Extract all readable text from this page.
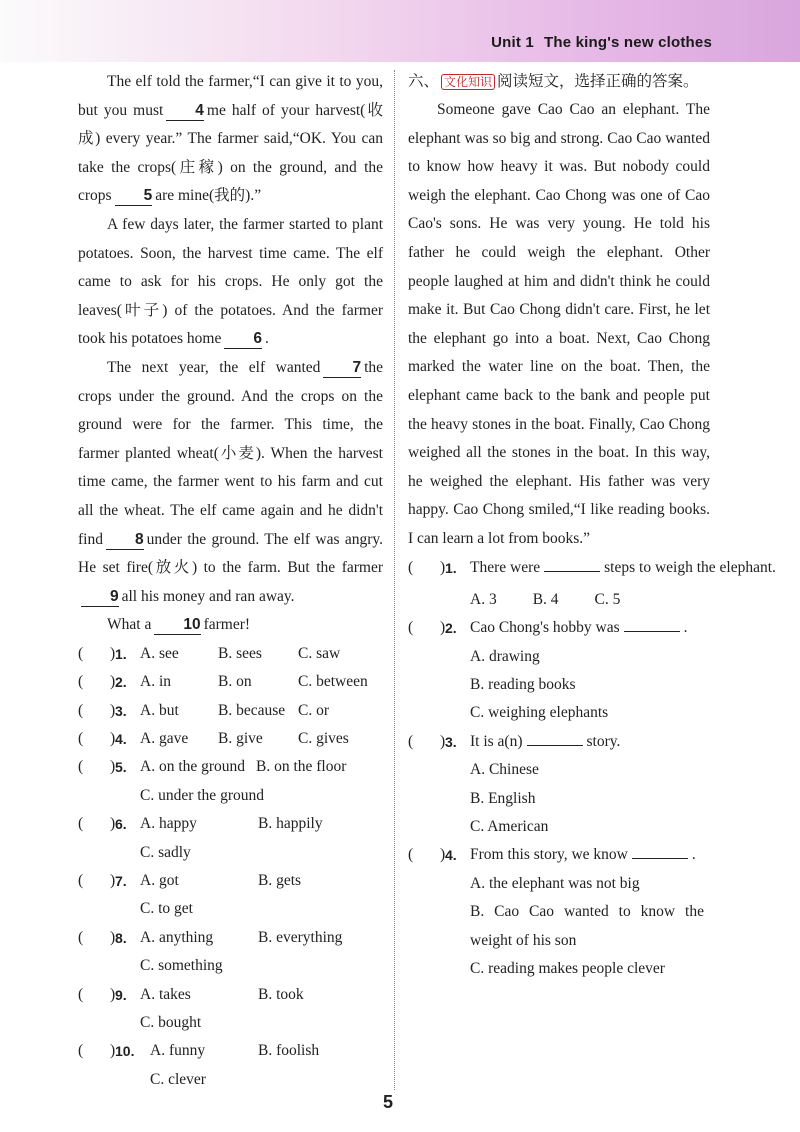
Unit 1 The king's new clothes

The elf told the farmer,“I can give it to you, but you must 4 me half of your harvest(收成) every year.” The farmer said,“OK. You can take the crops(庄稼) on the ground, and the crops 5 are mine(我的).”

A few days later, the farmer started to plant potatoes. Soon, the harvest time came. The elf came to ask for his crops. He only got the leaves(叶子) of the potatoes. And the farmer took his potatoes home 6 .

The next year, the elf wanted 7 the crops under the ground. And the crops on the ground were for the farmer. This time, the farmer planted wheat(小麦). When the harvest time came, the farmer went to his farm and cut all the wheat. The elf came again and he didn't find 8 under the ground. The elf was angry. He set fire(放火) to the farm. But the farmer9 all his money and ran away.

What a 10 farmer!

( ) 1. A. see	B. sees C. saw
( ) 2. A. in	B. on	C. between
( ) 3. A. but	B. because C. or
( ) 4. A. gave B. give C. gives
( ) 5. A. on the ground B. on the floor
C. under the ground
( ) 6. A. happy	B. happily
C. sadly
( ) 7. A. got	B. gets
C. to get
( ) 8. A. anything	B. everything
C. something
( ) 9. A. takes	B. took
C. bought
( ) 10. A. funny	B. foolish
C. clever
六、 文化知识 阅读短文，选择正确的答案。

Someone gave Cao Cao an elephant. The elephant was so big and strong. Cao Cao wanted to know how heavy it was. But nobody could weigh the elephant. Cao Chong was one of Cao Cao's sons. He was very young. He told his father he could weigh the elephant. Other people laughed at him and didn't think he could make it. But Cao Chong didn't care. First, he let the elephant go into a boat. Next, Cao Chong marked the water line on the boat. Then, the elephant came back to the bank and people put the heavy stones in the boat. Finally, Cao Chong weighed all the stones in the boat. In this way, he weighed the elephant. His father was very happy. Cao Chong smiled,“I like reading books. I can learn a lot from books.”

( ) 1. There were	steps to weigh the elephant.
A. 3 B. 4 C. 5
( ) 2. Cao Chong's hobby was	.
A. drawing
B. reading books
C. weighing elephants
( ) 3. It is a(n)	story.
A. Chinese
B. English
C. American
( ) 4. From this story, we know	.
A. the elephant was not big
B. Cao Cao wanted to know the weight of his son
C. reading makes people clever
5
